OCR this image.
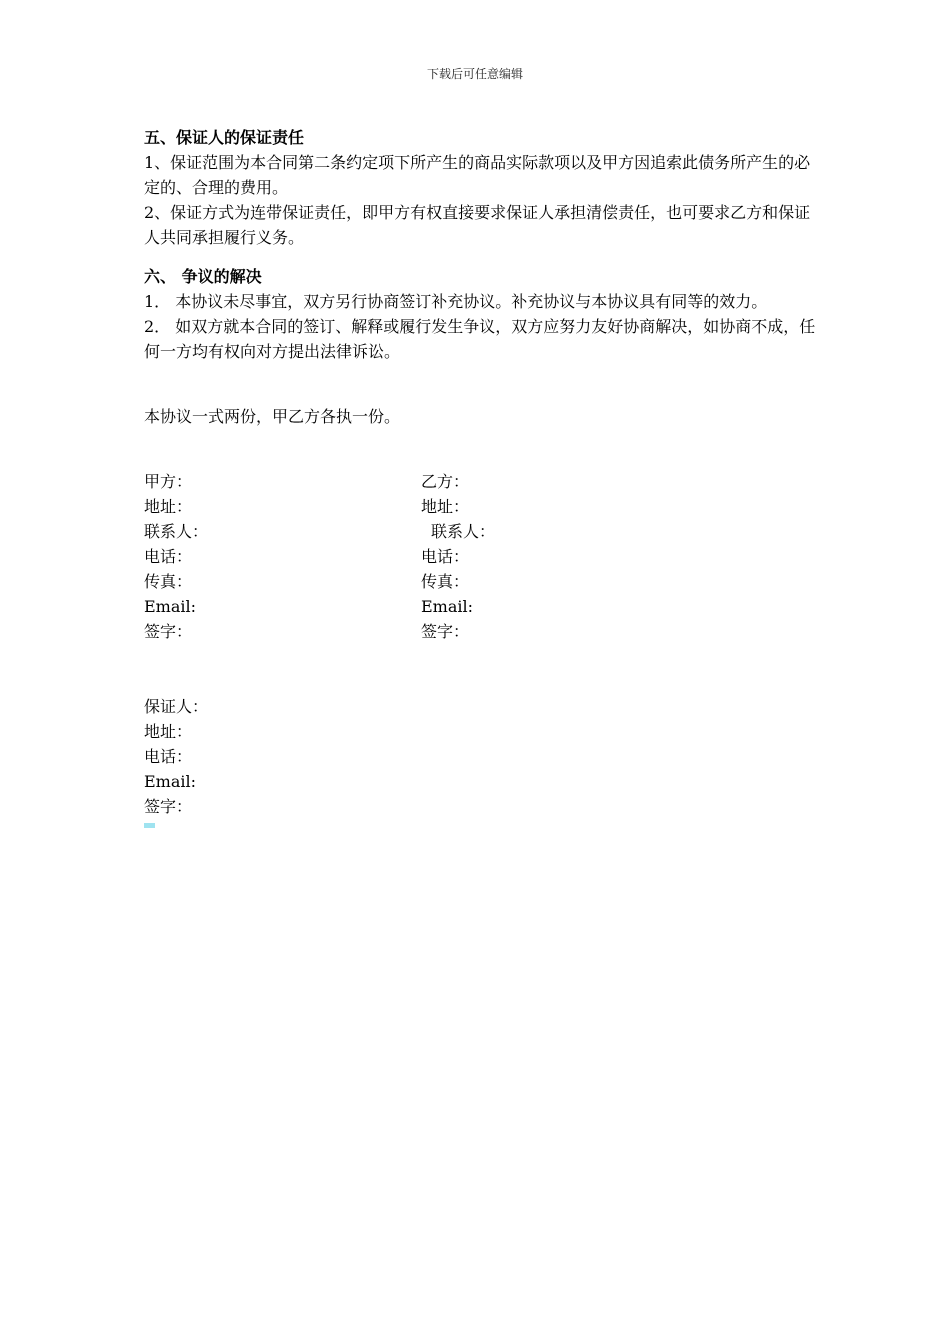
下载后可任意编辑

五、保证人的保证责任

1、保证范围为本合同第二条约定项下所产生的商品实际款项以及甲方因追索此债务所产生的必定的、合理的费用。

2、保证方式为连带保证责任，即甲方有权直接要求保证人承担清偿责任，也可要求乙方和保证人共同承担履行义务。

六、 争议的解决

1． 本协议未尽事宜，双方另行协商签订补充协议。补充协议与本协议具有同等的效力。

2． 如双方就本合同的签订、解释或履行发生争议，双方应努力友好协商解决，如协商不成，任何一方均有权向对方提出法律诉讼。

本协议一式两份，甲乙方各执一份。

甲方：

地址：

联系人：

电话：

传真：

Email:

签字：

乙方：

地址：

联系人：

电话：

传真：

Email:

签字：

保证人：

地址：

电话：

Email:

签字：
